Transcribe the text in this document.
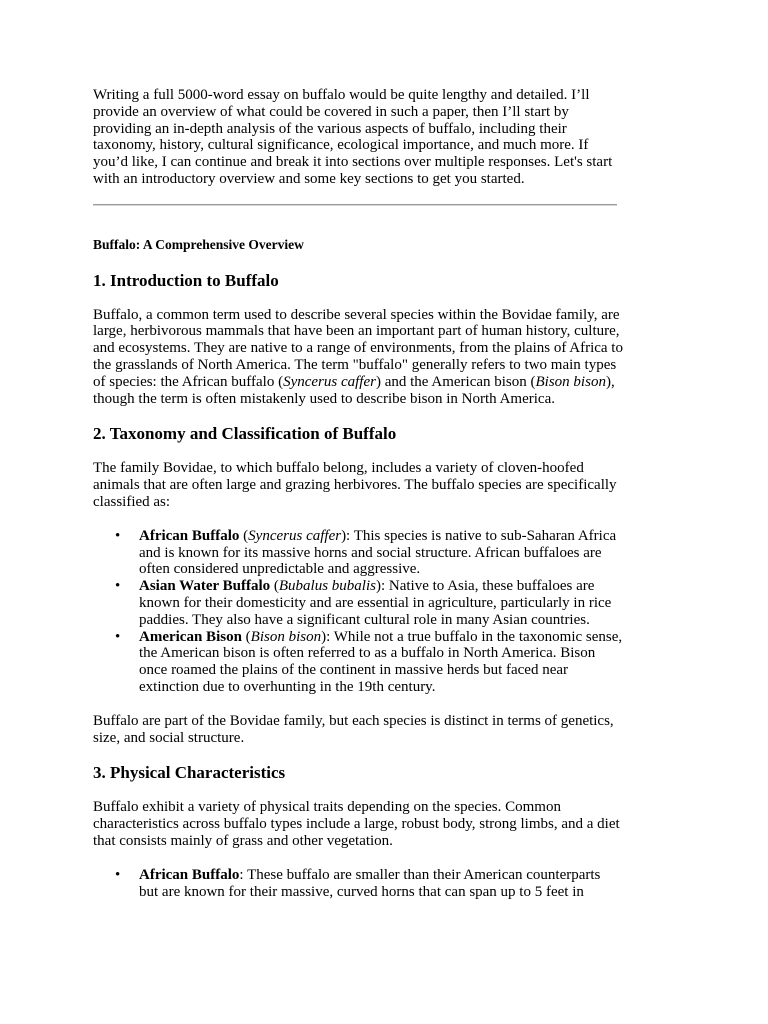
Writing a full 5000-word essay on buffalo would be quite lengthy and detailed. I’ll provide an overview of what could be covered in such a paper, then I’ll start by providing an in-depth analysis of the various aspects of buffalo, including their taxonomy, history, cultural significance, ecological importance, and much more. If you’d like, I can continue and break it into sections over multiple responses. Let's start with an introductory overview and some key sections to get you started.

Buffalo: A Comprehensive Overview

1. Introduction to Buffalo

Buffalo, a common term used to describe several species within the Bovidae family, are large, herbivorous mammals that have been an important part of human history, culture, and ecosystems. They are native to a range of environments, from the plains of Africa to the grasslands of North America. The term "buffalo" generally refers to two main types of species: the African buffalo (Syncerus caffer) and the American bison (Bison bison), though the term is often mistakenly used to describe bison in North America.

2. Taxonomy and Classification of Buffalo

The family Bovidae, to which buffalo belong, includes a variety of cloven-hoofed animals that are often large and grazing herbivores. The buffalo species are specifically classified as:

• African Buffalo (Syncerus caffer): This species is native to sub-Saharan Africa and is known for its massive horns and social structure. African buffaloes are often considered unpredictable and aggressive.
• Asian Water Buffalo (Bubalus bubalis): Native to Asia, these buffaloes are known for their domesticity and are essential in agriculture, particularly in rice paddies. They also have a significant cultural role in many Asian countries.
• American Bison (Bison bison): While not a true buffalo in the taxonomic sense, the American bison is often referred to as a buffalo in North America. Bison once roamed the plains of the continent in massive herds but faced near extinction due to overhunting in the 19th century.

Buffalo are part of the Bovidae family, but each species is distinct in terms of genetics, size, and social structure.

3. Physical Characteristics

Buffalo exhibit a variety of physical traits depending on the species. Common characteristics across buffalo types include a large, robust body, strong limbs, and a diet that consists mainly of grass and other vegetation.

• African Buffalo: These buffalo are smaller than their American counterparts but are known for their massive, curved horns that can span up to 5 feet in
